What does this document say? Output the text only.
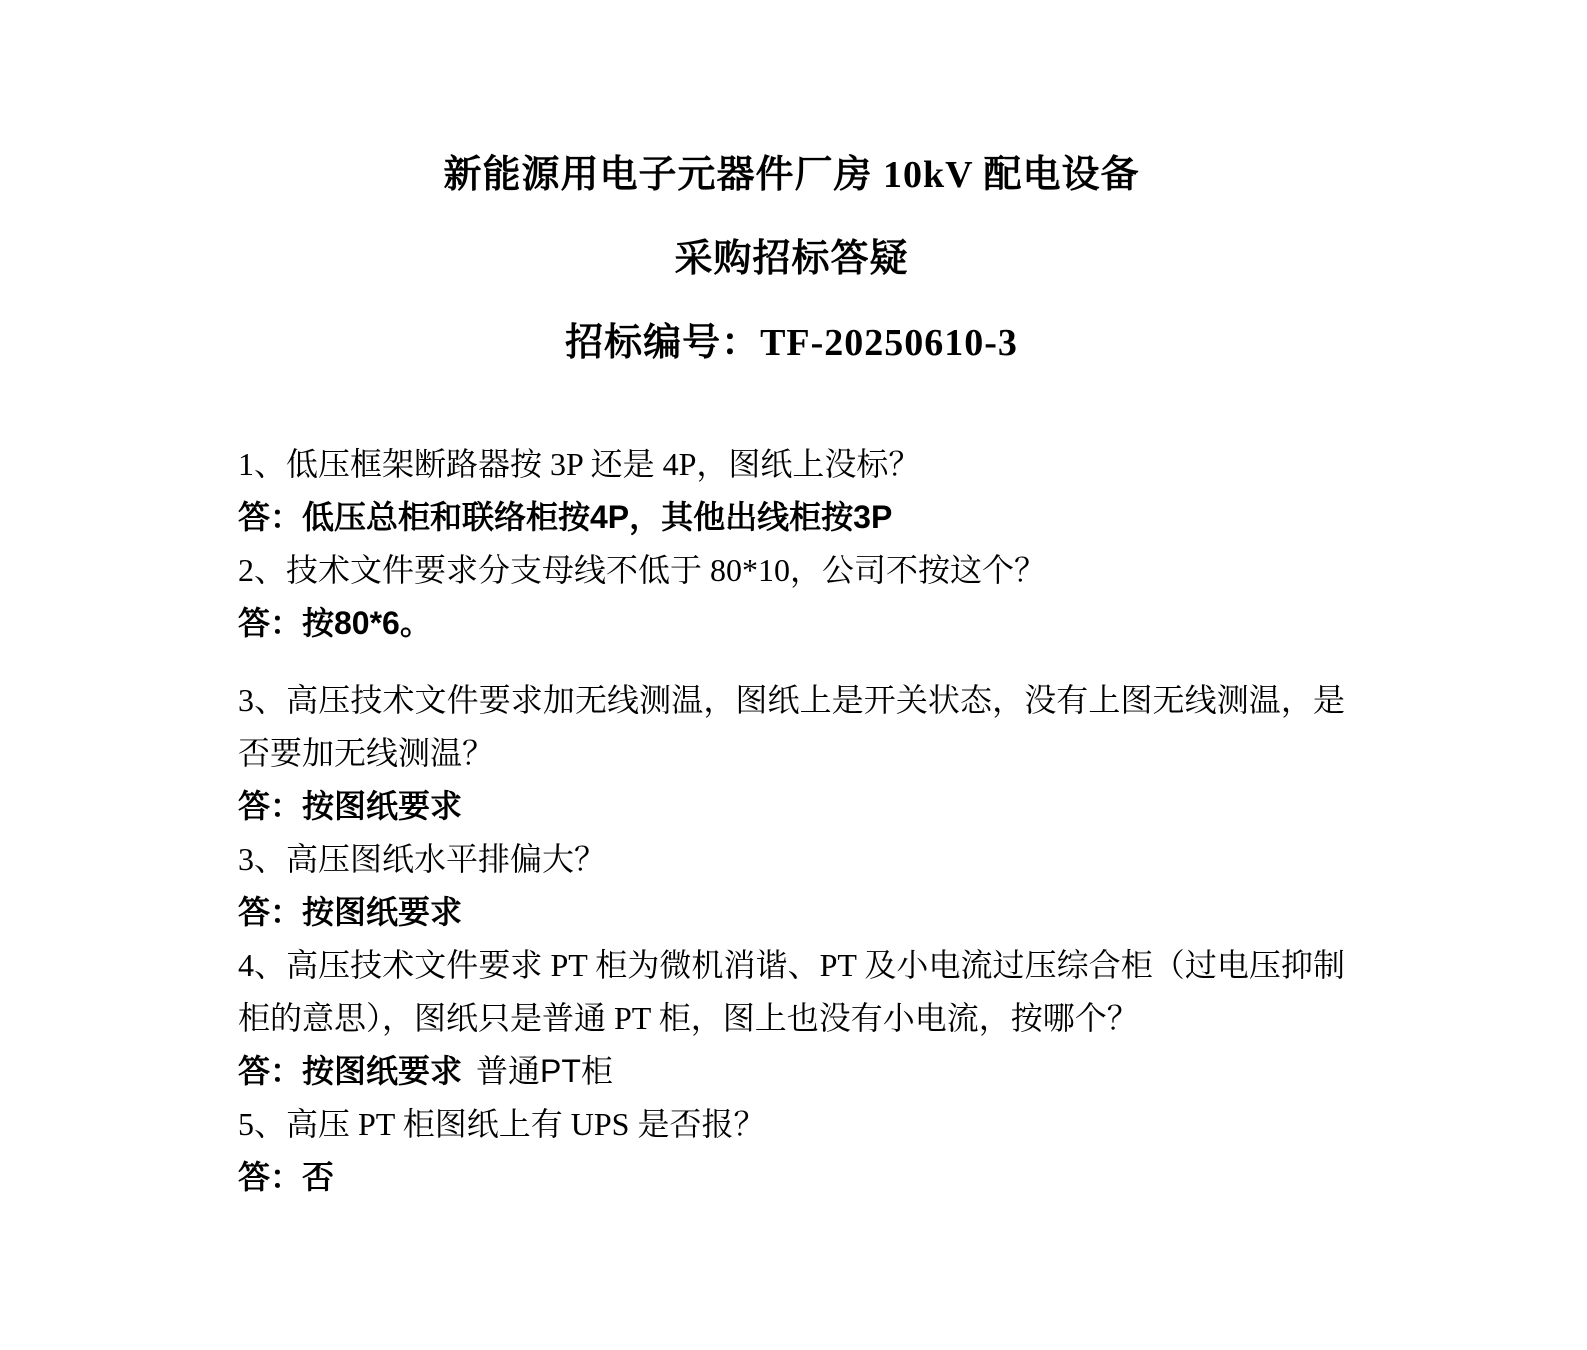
新能源用电子元器件厂房 10kV 配电设备
采购招标答疑
招标编号：TF-20250610-3
1、低压框架断路器按 3P 还是 4P，图纸上没标？
答：低压总柜和联络柜按4P，其他出线柜按3P
2、技术文件要求分支母线不低于 80*10，公司不按这个？
答：按80*6。
3、高压技术文件要求加无线测温，图纸上是开关状态，没有上图无线测温，是
否要加无线测温？
答：按图纸要求
3、高压图纸水平排偏大？
答：按图纸要求
4、高压技术文件要求 PT 柜为微机消谐、PT 及小电流过压综合柜（过电压抑制
柜的意思），图纸只是普通 PT 柜，图上也没有小电流，按哪个？
答：按图纸要求 普通PT柜
5、高压 PT 柜图纸上有 UPS 是否报？
答：否
